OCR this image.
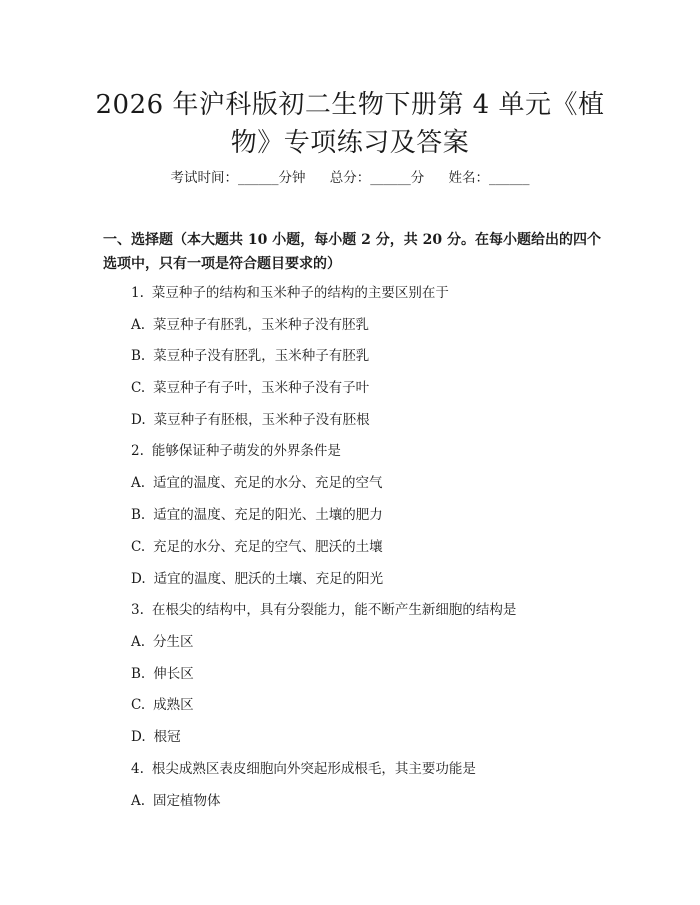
2026 年沪科版初二生物下册第 4 单元《植
物》专项练习及答案
考试时间：______分钟 总分：______分 姓名：______

一、选择题（本大题共 10 小题，每小题 2 分，共 20 分。在每小题给出的四个选项中，只有一项是符合题目要求的）

1. 菜豆种子的结构和玉米种子的结构的主要区别在于
A. 菜豆种子有胚乳，玉米种子没有胚乳
B. 菜豆种子没有胚乳，玉米种子有胚乳
C. 菜豆种子有子叶，玉米种子没有子叶
D. 菜豆种子有胚根，玉米种子没有胚根
2. 能够保证种子萌发的外界条件是
A. 适宜的温度、充足的水分、充足的空气
B. 适宜的温度、充足的阳光、土壤的肥力
C. 充足的水分、充足的空气、肥沃的土壤
D. 适宜的温度、肥沃的土壤、充足的阳光
3. 在根尖的结构中，具有分裂能力，能不断产生新细胞的结构是
A. 分生区
B. 伸长区
C. 成熟区
D. 根冠
4. 根尖成熟区表皮细胞向外突起形成根毛，其主要功能是
A. 固定植物体
